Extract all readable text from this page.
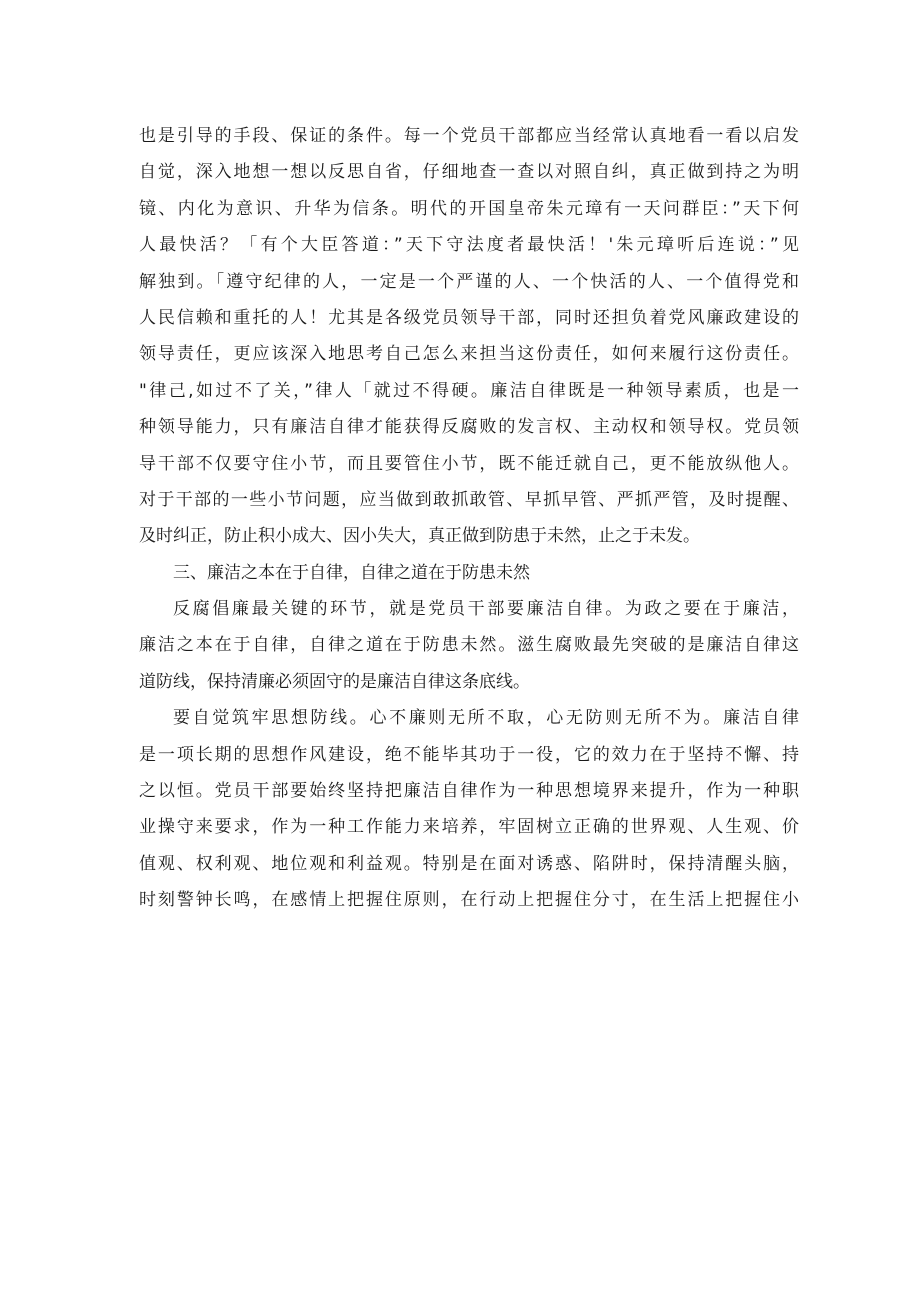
也是引导的手段、保证的条件。每一个党员干部都应当经常认真地看一看以启发
自觉，深入地想一想以反思自省，仔细地查一查以对照自纠，真正做到持之为明
镜、内化为意识、升华为信条。明代的开国皇帝朱元璋有一天问群臣：”天下何
人最快活？「有个大臣答道：”天下守法度者最快活！'朱元璋听后连说：”见
解独到。「遵守纪律的人，一定是一个严谨的人、一个快活的人、一个值得党和
人民信赖和重托的人！尤其是各级党员领导干部，同时还担负着党风廉政建设的
领导责任，更应该深入地思考自己怎么来担当这份责任，如何来履行这份责任。
"律己,如过不了关，”律人「就过不得硬。廉洁自律既是一种领导素质，也是一
种领导能力，只有廉洁自律才能获得反腐败的发言权、主动权和领导权。党员领
导干部不仅要守住小节，而且要管住小节，既不能迁就自己，更不能放纵他人。
对于干部的一些小节问题，应当做到敢抓敢管、早抓早管、严抓严管，及时提醒、
及时纠正，防止积小成大、因小失大，真正做到防患于未然，止之于未发。
三、廉洁之本在于自律，自律之道在于防患未然
反腐倡廉最关键的环节，就是党员干部要廉洁自律。为政之要在于廉洁，
廉洁之本在于自律，自律之道在于防患未然。滋生腐败最先突破的是廉洁自律这
道防线，保持清廉必须固守的是廉洁自律这条底线。
要自觉筑牢思想防线。心不廉则无所不取，心无防则无所不为。廉洁自律
是一项长期的思想作风建设，绝不能毕其功于一役，它的效力在于坚持不懈、持
之以恒。党员干部要始终坚持把廉洁自律作为一种思想境界来提升，作为一种职
业操守来要求，作为一种工作能力来培养，牢固树立正确的世界观、人生观、价
值观、权利观、地位观和利益观。特别是在面对诱惑、陷阱时，保持清醒头脑，
时刻警钟长鸣，在感情上把握住原则，在行动上把握住分寸，在生活上把握住小
